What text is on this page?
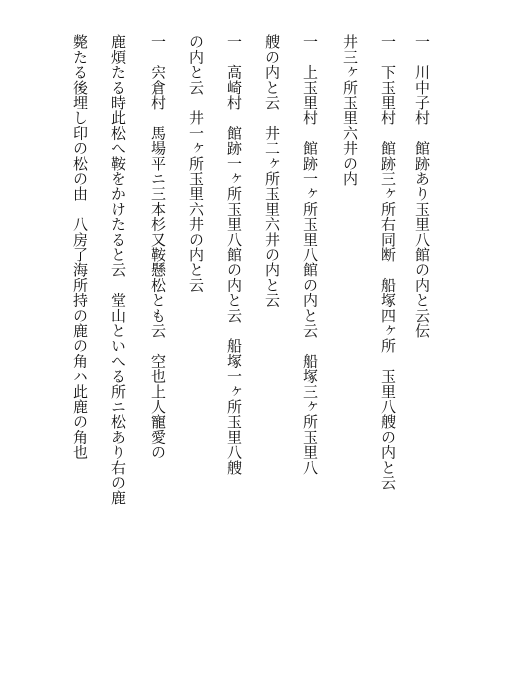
一　川中子村　館跡あり玉里八館の内と云伝
一　下玉里村　館跡三ヶ所右同断　船塚四ヶ所　玉里八艘の内と云
井三ヶ所玉里六井の内
一　上玉里村　館跡一ヶ所玉里八館の内と云　船塚三ヶ所玉里八
艘の内と云　井二ヶ所玉里六井の内と云
一　高崎村　館跡一ヶ所玉里八館の内と云　船塚一ヶ所玉里八艘
の内と云　井一ヶ所玉里六井の内と云
一　宍倉村　馬場平ニ三本杉又鞍懸松とも云　空也上人寵愛の
鹿煩たる時此松へ鞍をかけたると云　堂山といへる所ニ松あり右の鹿
斃たる後埋し印の松の由　八房了海所持の鹿の角ハ此鹿の角也
